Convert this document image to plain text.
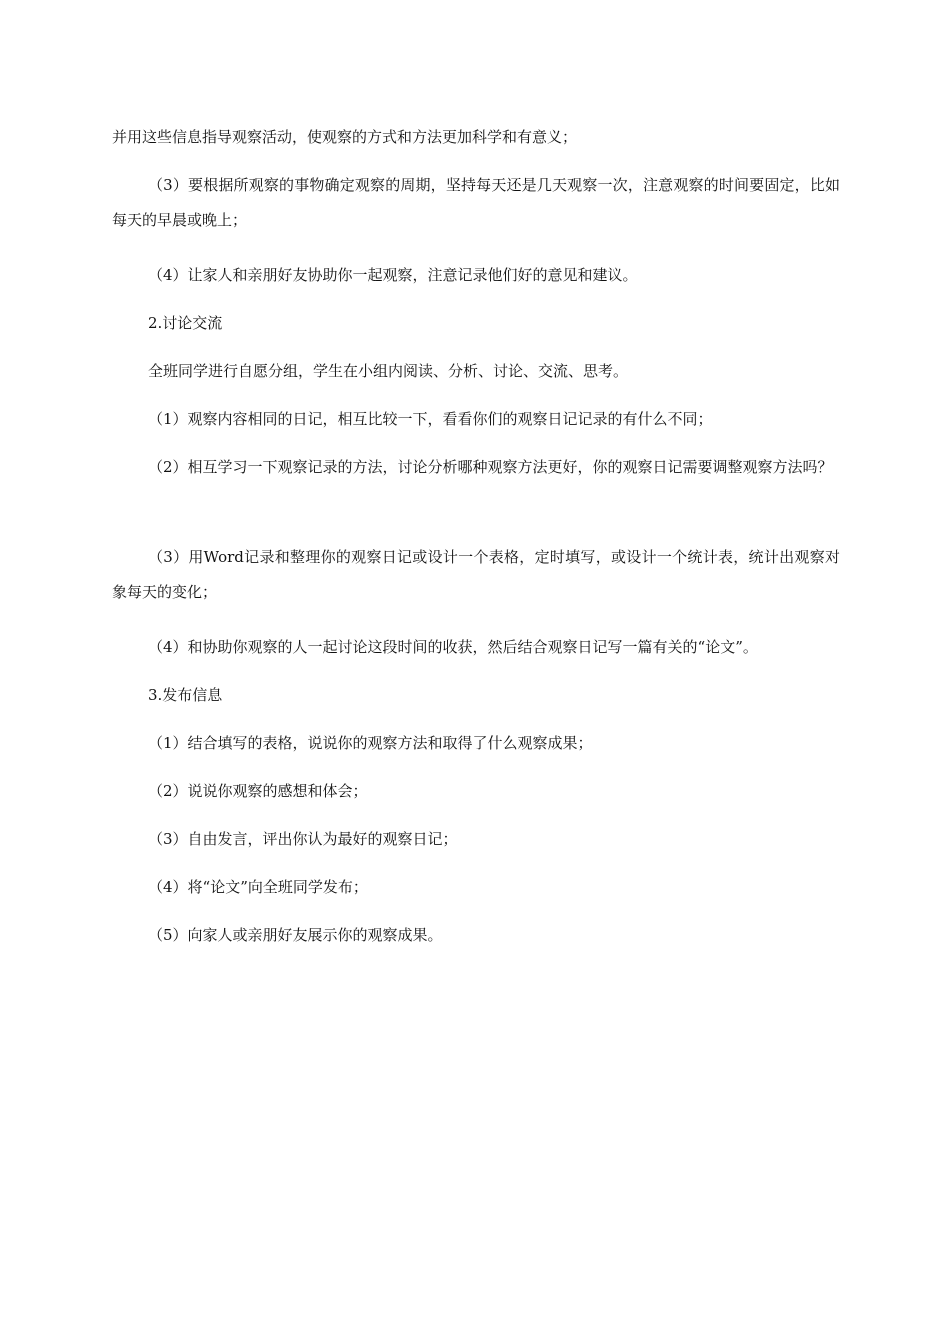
并用这些信息指导观察活动，使观察的方式和方法更加科学和有意义；

（3）要根据所观察的事物确定观察的周期，坚持每天还是几天观察一次，注意观察的时间要固定，比如每天的早晨或晚上；

（4）让家人和亲朋好友协助你一起观察，注意记录他们好的意见和建议。

2.讨论交流

全班同学进行自愿分组，学生在小组内阅读、分析、讨论、交流、思考。

（1）观察内容相同的日记，相互比较一下，看看你们的观察日记记录的有什么不同；

（2）相互学习一下观察记录的方法，讨论分析哪种观察方法更好，你的观察日记需要调整观察方法吗？

（3）用Word记录和整理你的观察日记或设计一个表格，定时填写，或设计一个统计表，统计出观察对象每天的变化；

（4）和协助你观察的人一起讨论这段时间的收获，然后结合观察日记写一篇有关的“论文”。

3.发布信息

（1）结合填写的表格，说说你的观察方法和取得了什么观察成果；

（2）说说你观察的感想和体会；

（3）自由发言，评出你认为最好的观察日记；

（4）将“论文”向全班同学发布；

（5）向家人或亲朋好友展示你的观察成果。
